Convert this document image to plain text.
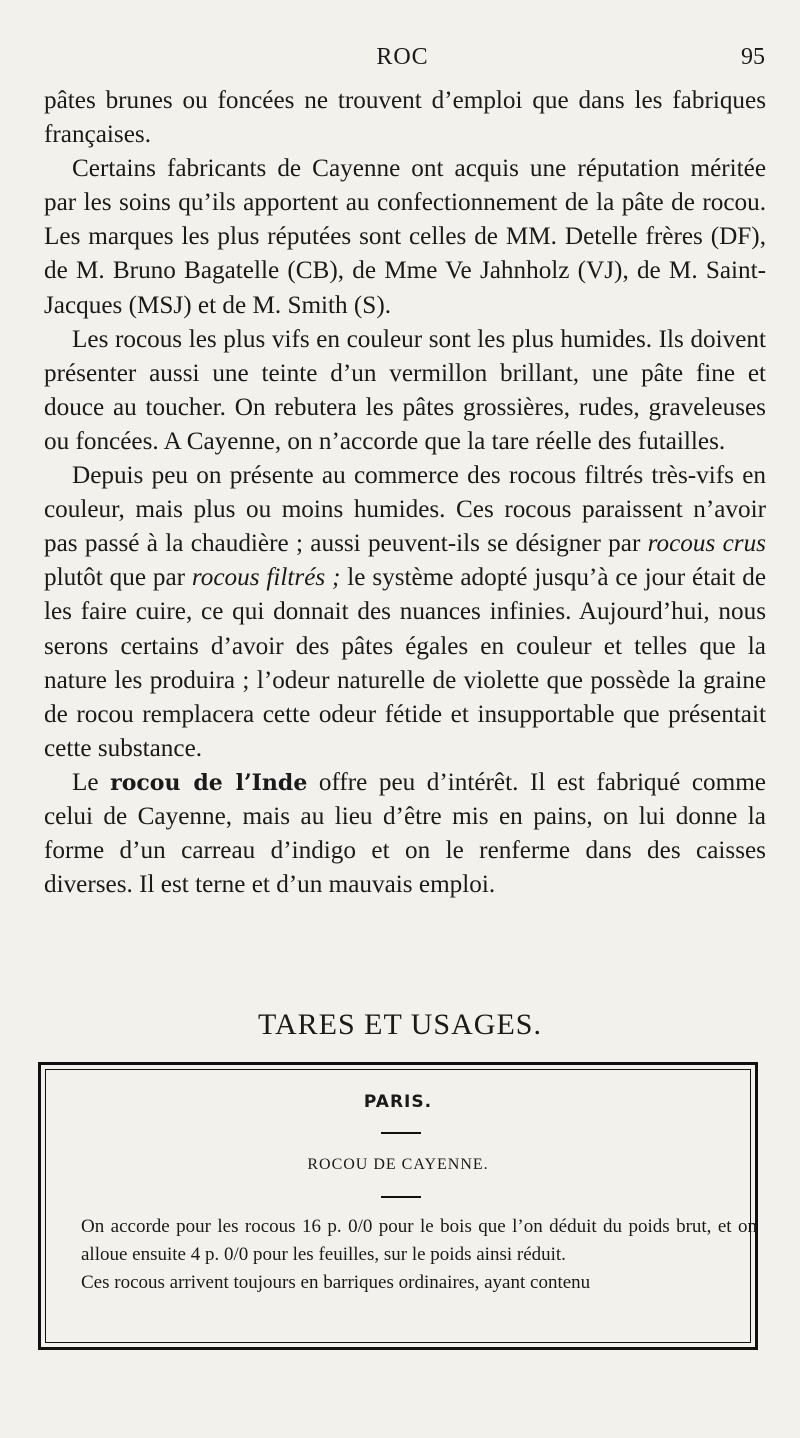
ROC	95

pâtes brunes ou foncées ne trouvent d’emploi que dans les fabriques françaises.

Certains fabricants de Cayenne ont acquis une réputation méritée par les soins qu’ils apportent au confectionnement de la pâte de rocou. Les marques les plus réputées sont celles de MM. Detelle frères (DF), de M. Bruno Bagatelle (CB), de Mme Ve Jahnholz (VJ), de M. Saint-Jacques (MSJ) et de M. Smith (S).

Les rocous les plus vifs en couleur sont les plus humides. Ils doivent présenter aussi une teinte d’un vermillon brillant, une pâte fine et douce au toucher. On rebutera les pâtes grossières, rudes, graveleuses ou foncées. A Cayenne, on n’accorde que la tare réelle des futailles.

Depuis peu on présente au commerce des rocous filtrés très-vifs en couleur, mais plus ou moins humides. Ces rocous paraissent n’avoir pas passé à la chaudière ; aussi peuvent-ils se désigner par rocous crus plutôt que par rocous filtrés ; le système adopté jusqu’à ce jour était de les faire cuire, ce qui donnait des nuances infinies. Aujourd’hui, nous serons certains d’avoir des pâtes égales en couleur et telles que la nature les produira ; l’odeur naturelle de violette que possède la graine de rocou remplacera cette odeur fétide et insupportable que présentait cette substance.

Le rocou de l’Inde offre peu d’intérêt. Il est fabriqué comme celui de Cayenne, mais au lieu d’être mis en pains, on lui donne la forme d’un carreau d’indigo et on le renferme dans des caisses diverses. Il est terne et d’un mauvais emploi.

TARES ET USAGES.
PARIS.
ROCOU DE CAYENNE.

On accorde pour les rocous 16 p. 0/0 pour le bois que l’on déduit du poids brut, et on alloue ensuite 4 p. 0/0 pour les feuilles, sur le poids ainsi réduit.

Ces rocous arrivent toujours en barriques ordinaires, ayant contenu
